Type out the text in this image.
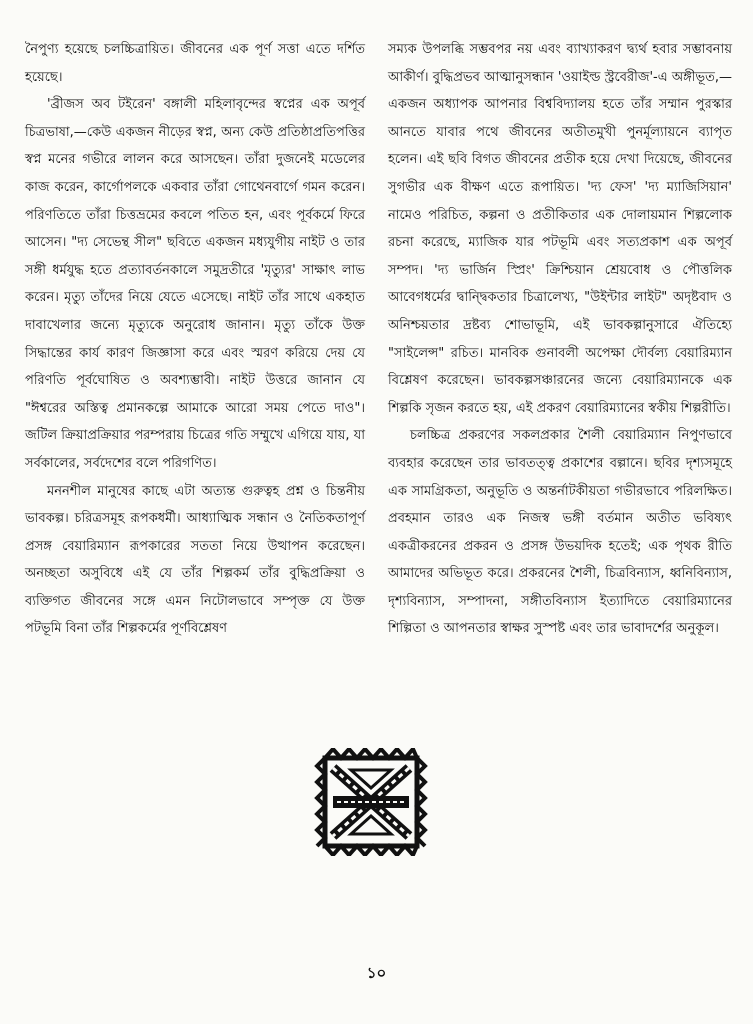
নৈপুণ্য হয়েছে চলচ্চিত্রায়িত। জীবনের এক পূর্ণ সত্তা এতে দর্শিত হয়েছে।

'ব্রীজস অব টইরেন' বঙ্গালী মহিলাবৃন্দের স্বপ্নের এক অপূর্ব চিত্রভাষা,—কেউ একজন নীড়ের স্বপ্ন, অন্য কেউ প্রতিষ্ঠাপ্রতিপত্তির স্বপ্ন মনের গভীরে লালন করে আসছেন। তাঁরা দুজনেই মডেলের কাজ করেন, কার্গোপলকে একবার তাঁরা গোথেনবার্গে গমন করেন। পরিণতিতে তাঁরা চিত্তভ্রমের কবলে পতিত হন, এবং পূর্বকর্মে ফিরে আসেন। "দ্য সেভেন্থ সীল" ছবিতে একজন মধ্যযুগীয় নাইট ও তার সঙ্গী ধর্মযুদ্ধ হতে প্রত্যাবর্তনকালে সমুদ্রতীরে 'মৃত্যুর' সাক্ষাৎ লাভ করেন। মৃত্যু তাঁদের নিয়ে যেতে এসেছে। নাইট তাঁর সাথে একহাত দাবাখেলার জন্যে মৃত্যুকে অনুরোধ জানান। মৃত্যু তাঁকে উক্ত সিদ্ধান্তের কার্য কারণ জিজ্ঞাসা করে এবং স্মরণ করিয়ে দেয় যে পরিণতি পূর্বঘোষিত ও অবশ্যম্ভাবী। নাইট উত্তরে জানান যে "ঈশ্বরের অস্তিত্ব প্রমানকল্পে আমাকে আরো সময় পেতে দাও"। জটিল ক্রিয়াপ্রক্রিয়ার পরম্পরায় চিত্রের গতি সম্মুখে এগিয়ে যায়, যা সর্বকালের, সর্বদেশের বলে পরিগণিত।

মননশীল মানুষের কাছে এটা অত্যন্ত গুরুত্বহ প্রশ্ন ও চিন্তনীয় ভাবকল্প। চরিত্রসমূহ রূপকধর্মী। আধ্যাত্মিক সন্ধান ও নৈতিকতাপূর্ণ প্রসঙ্গ বেয়ারিম্যান রূপকারের সততা নিয়ে উত্থাপন করেছেন। অনচ্ছতা অসুবিধে এই যে তাঁর শিল্পকর্ম তাঁর বুদ্ধিপ্রক্রিয়া ও ব্যক্তিগত জীবনের সঙ্গে এমন নিটোলভাবে সম্পৃক্ত যে উক্ত পটভূমি বিনা তাঁর শিল্পকর্মের পূর্ণবিশ্লেষণ

সম্যক উপলব্ধি সম্ভবপর নয় এবং ব্যাখ্যাকরণ দ্ব্যর্থ হবার সম্ভাবনায় আকীর্ণ। বুদ্ধিপ্রভব আত্মানুসন্ধান 'ওয়াইল্ড স্ট্রবেরীজ'-এ অঙ্গীভূত,—একজন অধ্যাপক আপনার বিশ্ববিদ্যালয় হতে তাঁর সম্মান পুরস্কার আনতে যাবার পথে জীবনের অতীতমুখী পুনর্মূল্যায়নে ব্যাপৃত হলেন। এই ছবি বিগত জীবনের প্রতীক হয়ে দেখা দিয়েছে, জীবনের সুগভীর এক বীক্ষণ এতে রূপায়িত। 'দ্য ফেস' 'দ্য ম্যাজিসিয়ান' নামেও পরিচিত, কল্পনা ও প্রতীকিতার এক দোলায়মান শিল্পলোক রচনা করেছে, ম্যাজিক যার পটভূমি এবং সত্যপ্রকাশ এক অপূর্ব সম্পদ। 'দ্য ভার্জিন স্প্রিং' ক্রিশ্চিয়ান শ্রেয়বোধ ও পৌত্তলিক আবেগধর্মের দ্বান্দ্বিকতার চিত্রালেখ্য, "উইন্টার লাইট" অদৃষ্টবাদ ও অনিশ্চয়তার দ্রষ্টব্য শোভাভূমি, এই ভাবকল্পানুসারে ঐতিহ্যে "সাইলেন্স" রচিত। মানবিক গুনাবলী অপেক্ষা দৌর্বল্য বেয়ারিম্যান বিশ্লেষণ করেছেন। ভাবকল্পসঞ্চারনের জন্যে বেয়ারিম্যানকে এক শিল্পকি সৃজন করতে হয়, এই প্রকরণ বেয়ারিম্যানের স্বকীয় শিল্পরীতি।

চলচ্চিত্র প্রকরণের সকলপ্রকার শৈলী বেয়ারিম্যান নিপুণভাবে ব্যবহার করেছেন তার ভাবতত্ত্ব প্রকাশের বল্পানে। ছবির দৃশ্যসমূহে এক সামগ্রিকতা, অনুভূতি ও অন্তর্নাটকীয়তা গভীরভাবে পরিলক্ষিত। প্রবহমান তারও এক নিজস্ব ভঙ্গী বর্তমান অতীত ভবিষ্যৎ একত্রীকরনের প্রকরন ও প্রসঙ্গ উভয়দিক হতেই; এক পৃথক রীতি আমাদের অভিভূত করে। প্রকরনের শৈলী, চিত্রবিন্যাস, ধ্বনিবিন্যাস, দৃশ্যবিন্যাস, সম্পাদনা, সঙ্গীতবিন্যাস ইত্যাদিতে বেয়ারিম্যানের শিল্পিতা ও আপনতার স্বাক্ষর সুস্পষ্ট এবং তার ভাবাদর্শের অনুকূল।

১০
